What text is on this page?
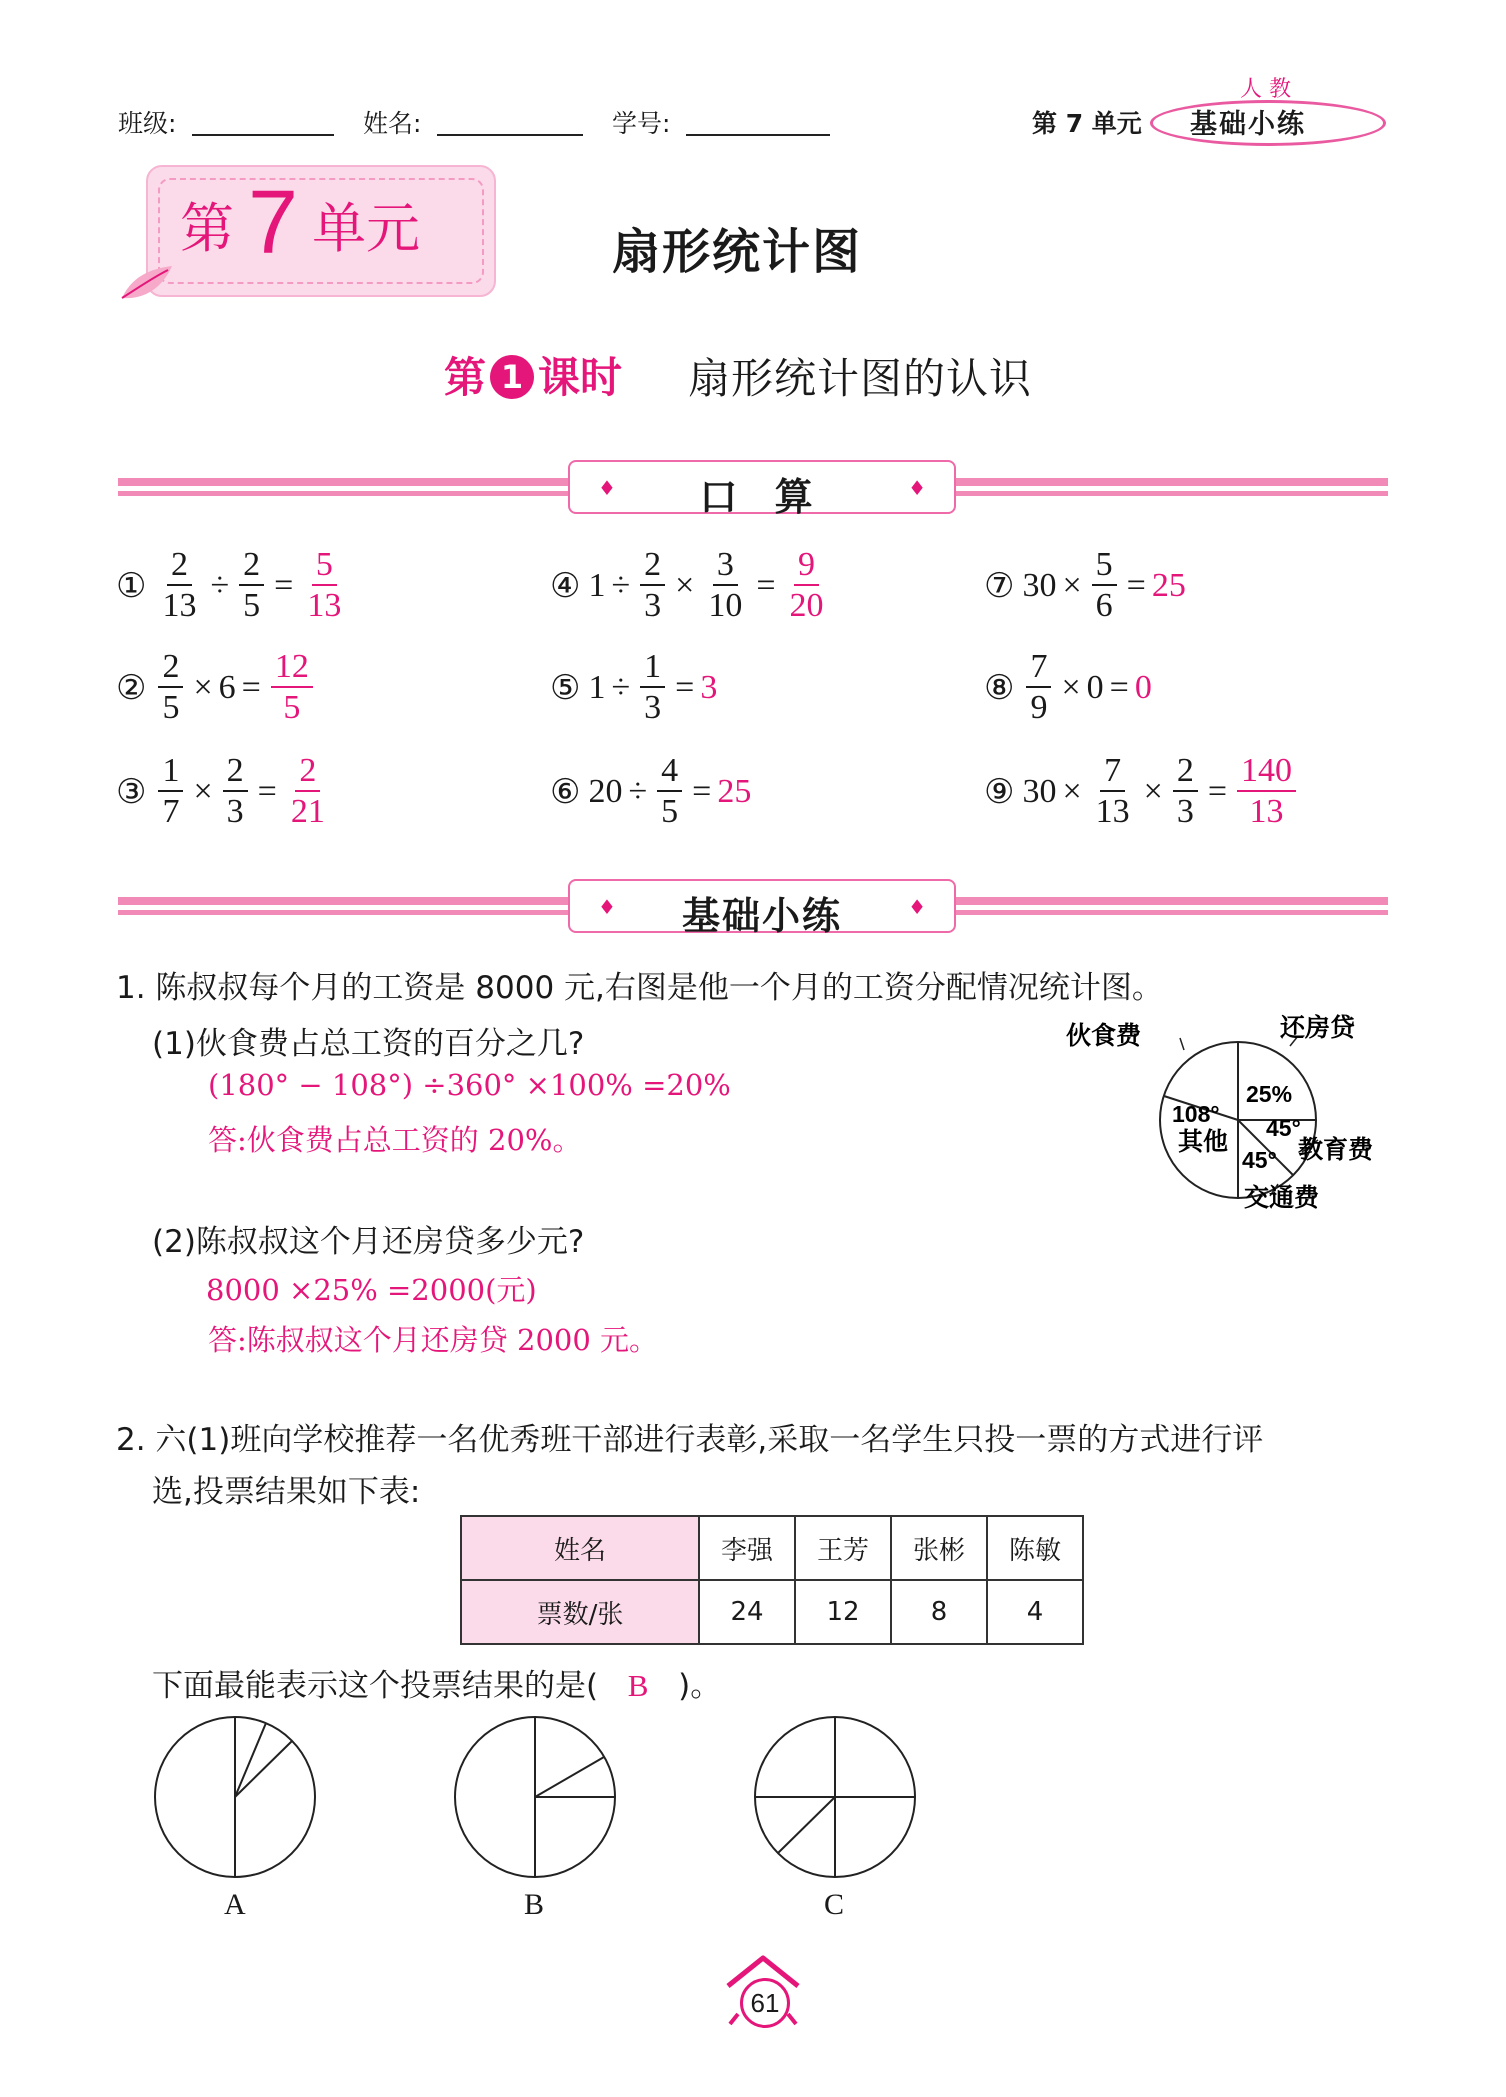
班级:	姓名:	学号:	第 7 单元 基础小练
人 教
第 7 单元	扇形统计图
第 1 课时 扇形统计图的认识
♦	口 算	♦
① $\frac{2}{13} \div \frac{2}{5} = \frac{5}{13}$
② $\frac{2}{5} \times 6 = \frac{12}{5}$
③ $\frac{1}{7} \times \frac{2}{3} = \frac{2}{21}$
④ $1 \div \frac{2}{3} \times \frac{3}{10} = \frac{9}{20}$
⑤ $1 \div \frac{1}{3} = 3$
⑥ $20 \div \frac{4}{5} = 25$
⑦ $30 \times \frac{5}{6} = 25$
⑧ $\frac{7}{9} \times 0 = 0$
⑨ $30 \times \frac{7}{13} \times \frac{2}{3} = \frac{140}{13}$
♦	基础小练	♦
1. 陈叔叔每个月的工资是 8000 元,右图是他一个月的工资分配情况统计图。
(1)伙食费占总工资的百分之几?
(180° − 108°) ÷360° ×100% =20%
答:伙食费占总工资的 20%。
(2)陈叔叔这个月还房贷多少元?
8000 ×25% =2000(元)
答:陈叔叔这个月还房贷 2000 元。
伙食费	还房贷
25%
45°
教育费
45°
交通费
108°
其他
2. 六(1)班向学校推荐一名优秀班干部进行表彰,采取一名学生只投一票的方式进行评
选,投票结果如下表:
姓名	李强	王芳	张彬	陈敏
票数/张	24	12	8	4
下面最能表示这个投票结果的是( B )。
A	B	C
61
